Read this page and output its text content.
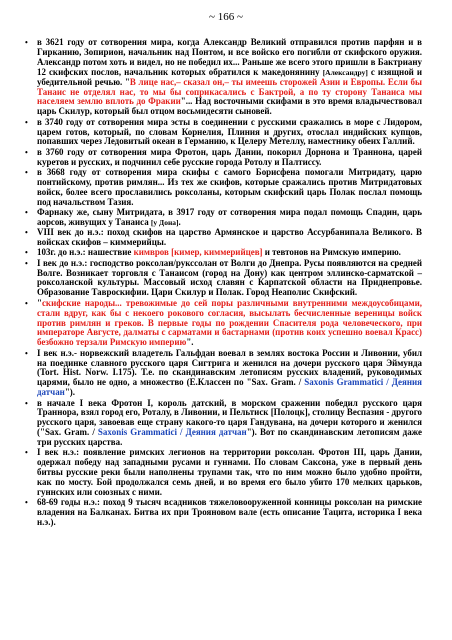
~ 166 ~
• в 3621 году от сотворения мира, когда Александр Великий отправился против парфян и в Гирканию, Зопирион, начальник над Понтом, и все войско его погибли от скифского оружия. Александр потом хоть и видел, но не победил их... Раньше же всего этого пришли в Бактрианy 12 скифских послов, начальник которых обратился к македонянину [Александру] с изящной и убедительной речью. "В лице нас,– сказал он,– ты имеешь сторожей Азии и Европы. Если бы Танаис не отделял нас, то мы бы соприкасались с Бактрой, а по ту сторону Танаиса мы населяем землю вплоть до Фракии"... Над восточными скифами в это время владычествовал царь Скилур, который был отцом восьмидесяти сыновей.
• в 3740 году от сотворения мира эсты в соединении с русскими сражались в море с Лидором, царем готов, который, по словам Корнелия, Плиния и других, отослал индийских купцов, попавших через Ледовитый океан в Германию, к Целеру Метеллу, наместнику обеих Галлий.
• в 3760 году от сотворения мира Фротон, царь Дании, покорил Дорнона и Траннона, царей куретов и русских, и подчинил себе русские города Ротолу и Палтиссу.
• в 3668 году от сотворения мира скифы с самого Борисфена помогали Митридату, царю понтийскому, против римлян... Из тех же скифов, которые сражались против Митридатовых войск, более всего прославились роксоланы, которым скифский царь Полак послал помощь под начальством Тазия.
• Фарнаку же, сыну Митридата, в 3917 году от сотворения мира подал помощь Спадин, царь аорсов, живущих у Танаиса [у Дона].
• VIII век до н.э.: поход скифов на царство Армянское и царство Ассурбанипала Великого. В войсках скифов – киммерийцы.
• 103г. до н.э.: нашествие кимвров [кимер, киммерийцев] и тевтонов на Римскую империю.
• I век до н.э.: господство роксолан/рукссолан от Волги до Днепра. Русы появляются на средней Волге. Возникает торговля с Танаисом (город на Дону) как центром эллинско-сарматской – роксоланской культуры. Массовый исход славян с Карпатской области на Приднепровье. Образование Тавроскифии. Цари Скилур и Полак. Город Неаполис Скифский.
• "скифские народы... тревожимые до сей поры различными внутренними междоусобицами, стали вдруг, как бы с некоего рокового согласия, высылать бесчисленные вереницы войск против римлян и греков. В первые годы по рождении Спасителя рода человеческого, при императоре Августе, далматы с сарматами и бастарнами (против коих успешно воевал Красс) безбожно терзали Римскую империю".
• I век н.э.- норвежский владетель Гальфдан воевал в землях востока России и Ливонии, убил на поединке славного русского царя Сигтрига и женился на дочери русского царя Эймунда (Tort. Hist. Norw. I.175). Т.е. по скандинавским летописям русских владений, руководимых царями, было не одно, а множество (Е.Классен по "Sax. Gram. / Saxonis Grammatici / Деяния датчан").
• в начале I века Фротон I, король датский, в морском сражении победил русского царя Траннора, взял город его, Роталу, в Ливонии, и Пельтиск [Полоцк], столицу Веспазия - другого русского царя, завоевав еще страну какого-то царя Гандувана, на дочери которого и женился ("Sax. Gram. / Saxonis Grammatici / Деяния датчан"). Вот по скандинавским летописям даже три русских царства.
• I век н.э.: появление римских легионов на территории роксолан. Фротон III, царь Дании, одержал победу над западными русами и гуннами. По словам Саксона, уже в первый день битвы русские реки были наполнены трупами так, что по ним можно было удобно пройти, как по мосту. Бой продолжался семь дней, и во время его было убито 170 мелких царьков, гуннских или союзных с ними.
• 68-69 годы н.э.: поход 9 тысяч всадников тяжеловооруженной конницы роксолан на римские владения на Балканах. Битва их при Трояновом вале (есть описание Тацита, историка I века н.э.).
